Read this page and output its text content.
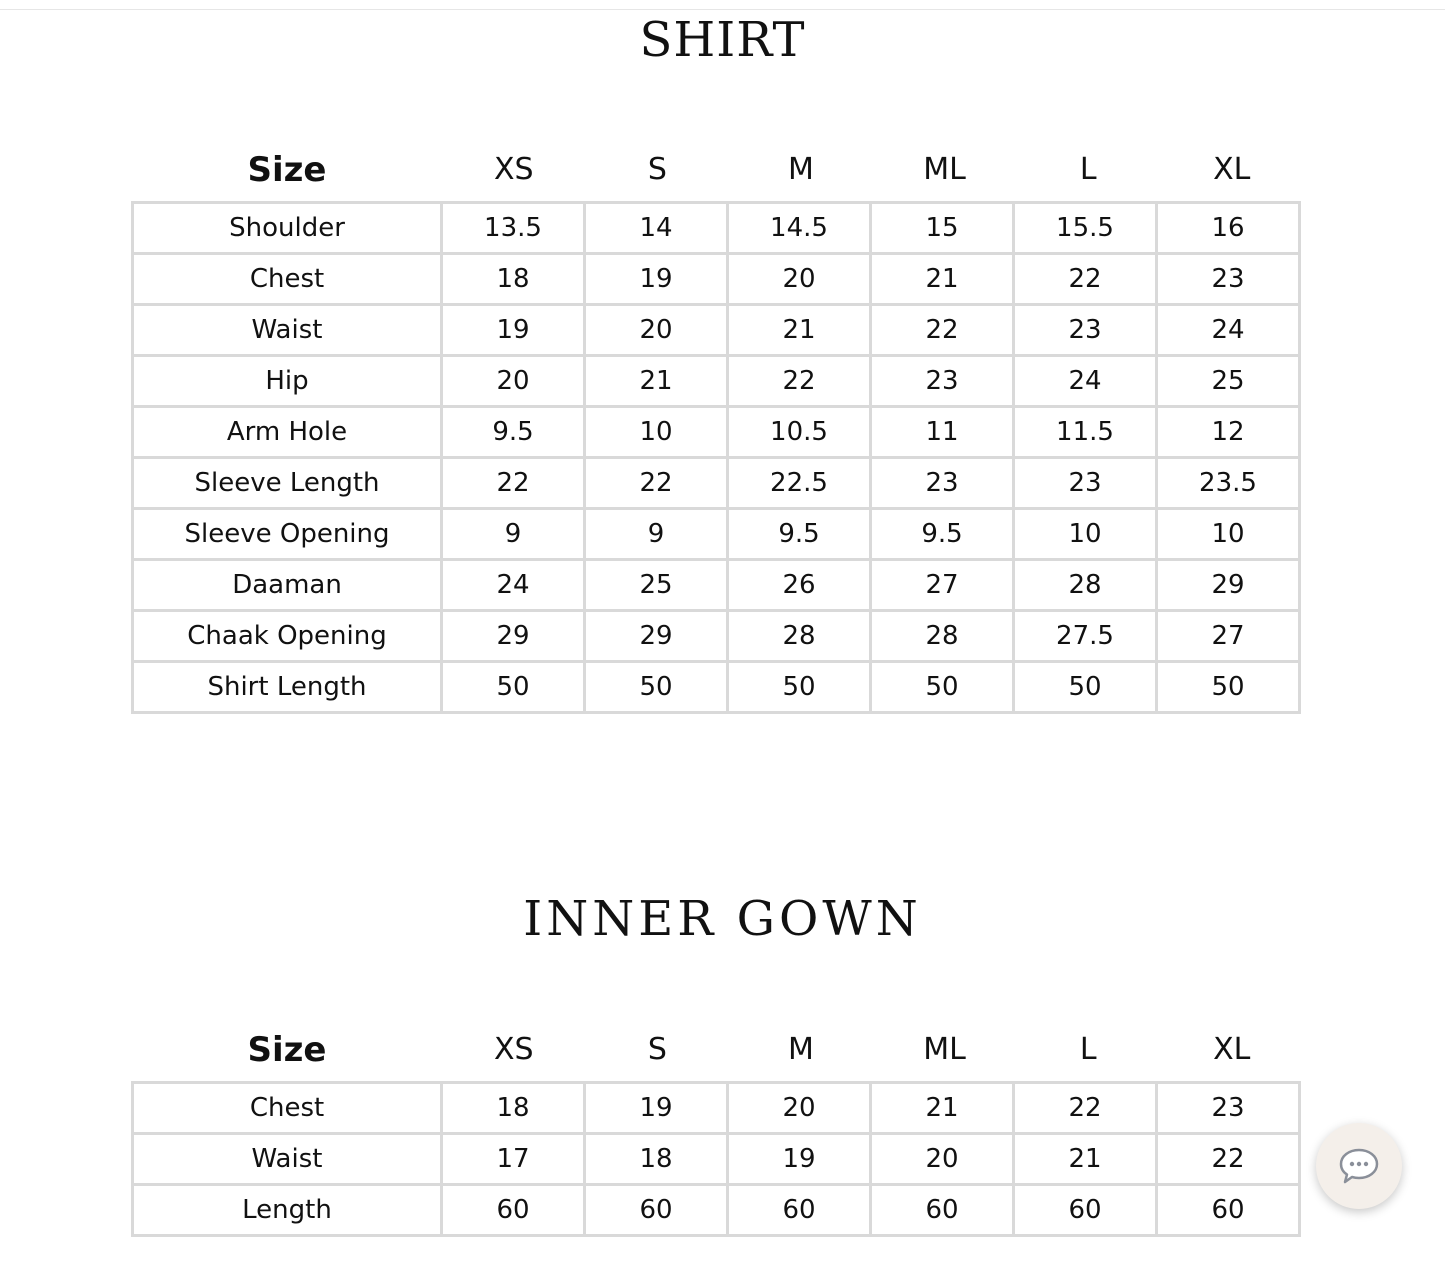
SHIRT
Size	XS	S	M	ML	L	XL
Shoulder	13.5	14	14.5	15	15.5	16
Chest	18	19	20	21	22	23
Waist	19	20	21	22	23	24
Hip	20	21	22	23	24	25
Arm Hole	9.5	10	10.5	11	11.5	12
Sleeve Length	22	22	22.5	23	23	23.5
Sleeve Opening	9	9	9.5	9.5	10	10
Daaman	24	25	26	27	28	29
Chaak Opening	29	29	28	28	27.5	27
Shirt Length	50	50	50	50	50	50
INNER GOWN
Size	XS	S	M	ML	L	XL
Chest	18	19	20	21	22	23
Waist	17	18	19	20	21	22
Length	60	60	60	60	60	60
